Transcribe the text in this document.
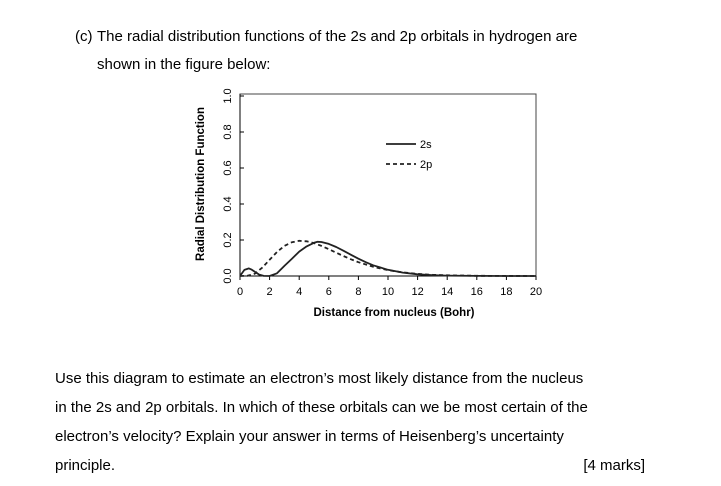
(c) The radial distribution functions of the 2s and 2p orbitals in hydrogen are
shown in the figure below:
0.0
0.2
0.4
0.6
0.8
1.0
0 2 4 6 8 10 12 14 16 18 20
Distance from nucleus (Bohr)
Radial Distribution Function	2s
2p
Use this diagram to estimate an electron’s most likely distance from the nucleus
in the 2s and 2p orbitals. In which of these orbitals can we be most certain of the
electron’s velocity? Explain your answer in terms of Heisenberg’s uncertainty
principle.	[4 marks]
